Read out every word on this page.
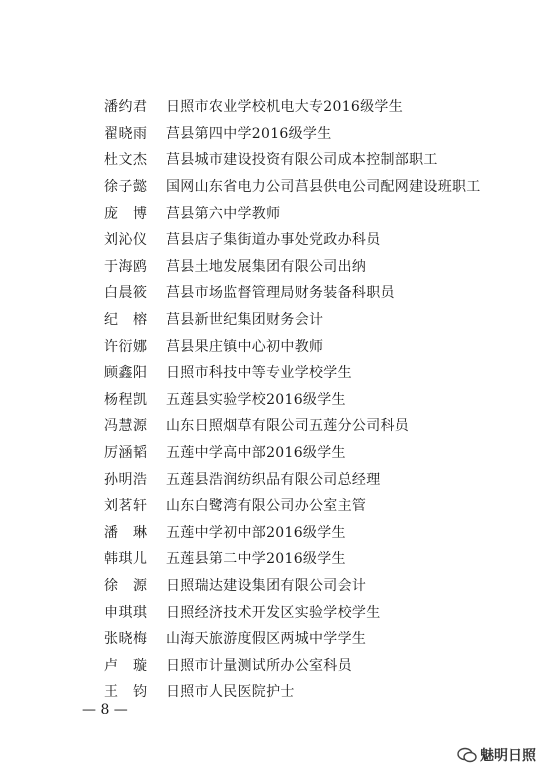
潘约君	日照市农业学校机电大专2016级学生
翟晓雨	莒县第四中学2016级学生
杜文杰	莒县城市建设投资有限公司成本控制部职工
徐子懿	国网山东省电力公司莒县供电公司配网建设班职工
庞　博	莒县第六中学教师
刘沁仪	莒县店子集街道办事处党政办科员
于海鸥	莒县土地发展集团有限公司出纳
白晨筱	莒县市场监督管理局财务装备科职员
纪　榕	莒县新世纪集团财务会计
许衍娜	莒县果庄镇中心初中教师
顾鑫阳	日照市科技中等专业学校学生
杨程凯	五莲县实验学校2016级学生
冯慧源	山东日照烟草有限公司五莲分公司科员
厉涵韬	五莲中学高中部2016级学生
孙明浩	五莲县浩润纺织品有限公司总经理
刘茗轩	山东白鹭湾有限公司办公室主管
潘　琳	五莲中学初中部2016级学生
韩琪儿	五莲县第二中学2016级学生
徐　源	日照瑞达建设集团有限公司会计
申琪琪	日照经济技术开发区实验学校学生
张晓梅	山海天旅游度假区两城中学学生
卢　璇	日照市计量测试所办公室科员
王　钧	日照市人民医院护士
— 8 —
魅明日照
